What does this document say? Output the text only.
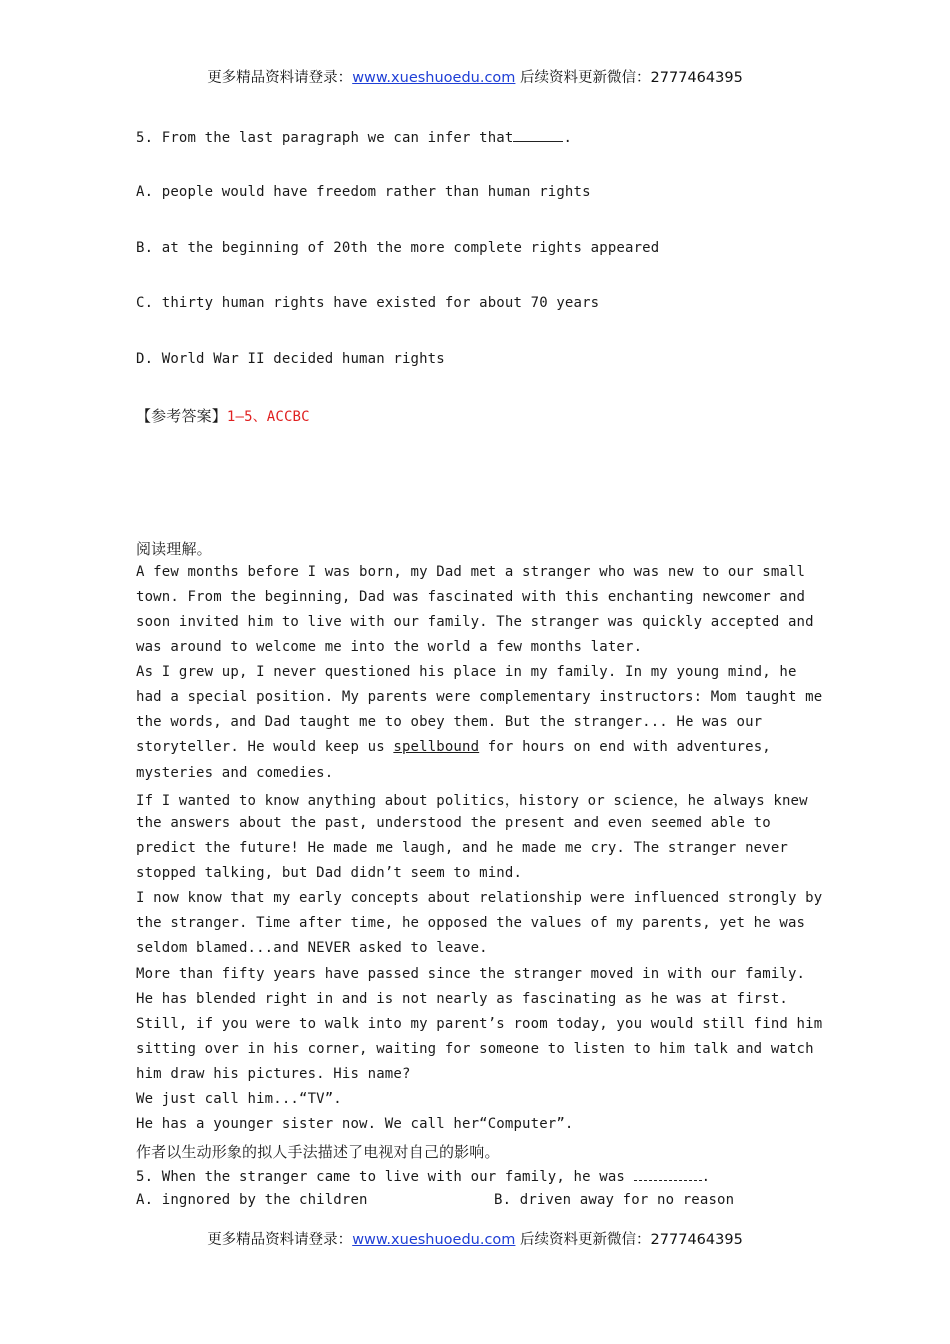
更多精品资料请登录：www.xueshuoedu.com 后续资料更新微信：2777464395
5. From the last paragraph we can infer that	.
A. people would have freedom rather than human rights
B. at the beginning of 20th the more complete rights appeared
C. thirty human rights have existed for about 70 years
D. World War II decided human rights
【参考答案】1—5、ACCBC
阅读理解。
A few months before I was born, my Dad met a stranger who was new to our small
town. From the beginning, Dad was fascinated with this enchanting newcomer and
soon invited him to live with our family. The stranger was quickly accepted and
was around to welcome me into the world a few months later.
As I grew up, I never questioned his place in my family. In my young mind, he
had a special position. My parents were complementary instructors: Mom taught me
the words, and Dad taught me to obey them. But the stranger... He was our
storyteller. He would keep us spellbound for hours on end with adventures,
mysteries and comedies.
If I wanted to know anything about politics，history or science，he always knew
the answers about the past, understood the present and even seemed able to
predict the future! He made me laugh, and he made me cry. The stranger never
stopped talking, but Dad didn’t seem to mind.
I now know that my early concepts about relationship were influenced strongly by
the stranger. Time after time, he opposed the values of my parents, yet he was
seldom blamed...and NEVER asked to leave.
More than fifty years have passed since the stranger moved in with our family.
He has blended right in and is not nearly as fascinating as he was at first.
Still, if you were to walk into my parent’s room today, you would still find him
sitting over in his corner, waiting for someone to listen to him talk and watch
him draw his pictures. His name?
We just call him...“TV”.
He has a younger sister now. We call her“Computer”.
作者以生动形象的拟人手法描述了电视对自己的影响。
5. When the stranger came to live with our family, he was	.
A. ingnored by the children	B. driven away for no reason
更多精品资料请登录：www.xueshuoedu.com 后续资料更新微信：2777464395
